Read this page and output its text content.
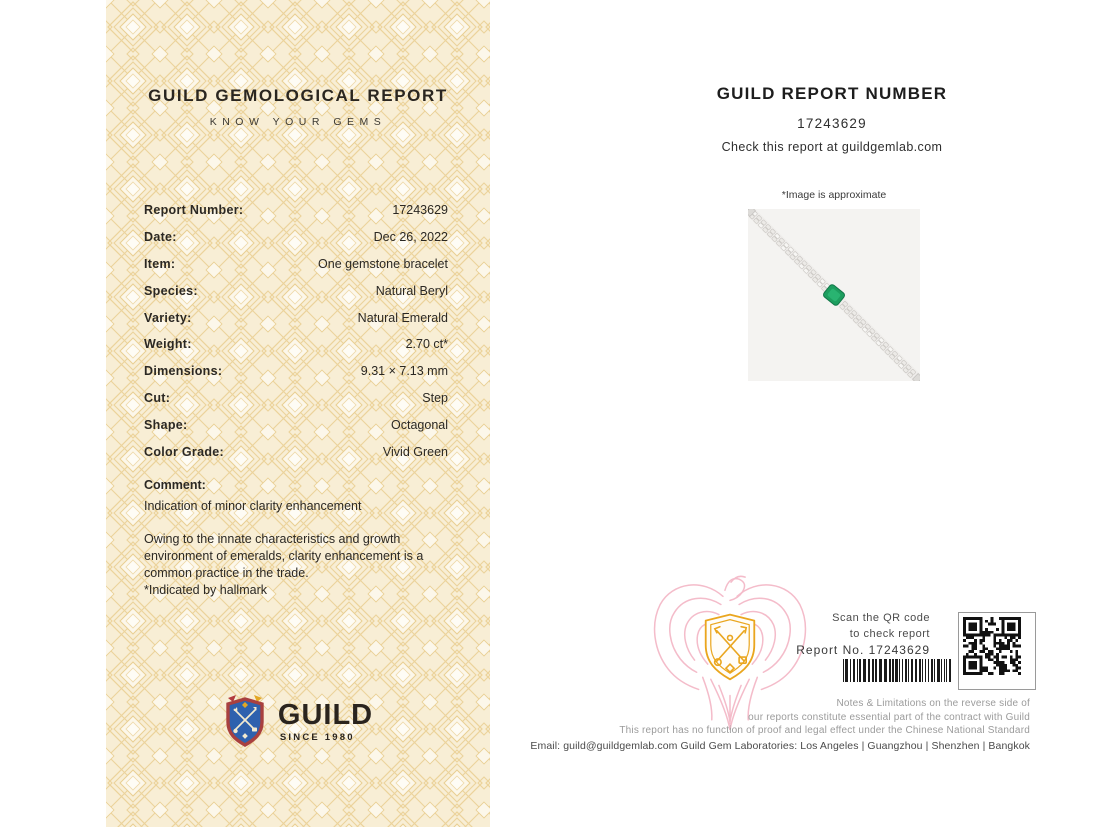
GUILD GEMOLOGICAL REPORT
KNOW YOUR GEMS
Report Number:	17243629
Date:	Dec 26, 2022
Item:	One gemstone bracelet
Species:	Natural Beryl
Variety:	Natural Emerald
Weight:	2.70 ct*
Dimensions:	9.31 × 7.13 mm
Cut:	Step
Shape:	Octagonal
Color Grade:	Vivid Green
Comment:
Indication of minor clarity enhancement
Owing to the innate characteristics and growth environment of emeralds, clarity enhancement is a common practice in the trade.
*Indicated by hallmark
GUILD
SINCE 1980
GUILD REPORT NUMBER
17243629
Check this report at guildgemlab.com
*Image is approximate
Scan the QR code
to check report
Report No. 17243629
Notes & Limitations on the reverse side of
our reports constitute essential part of the contract with Guild
This report has no function of proof and legal effect under the Chinese National Standard
Email: guild@guildgemlab.com Guild Gem Laboratories: Los Angeles | Guangzhou | Shenzhen | Bangkok
